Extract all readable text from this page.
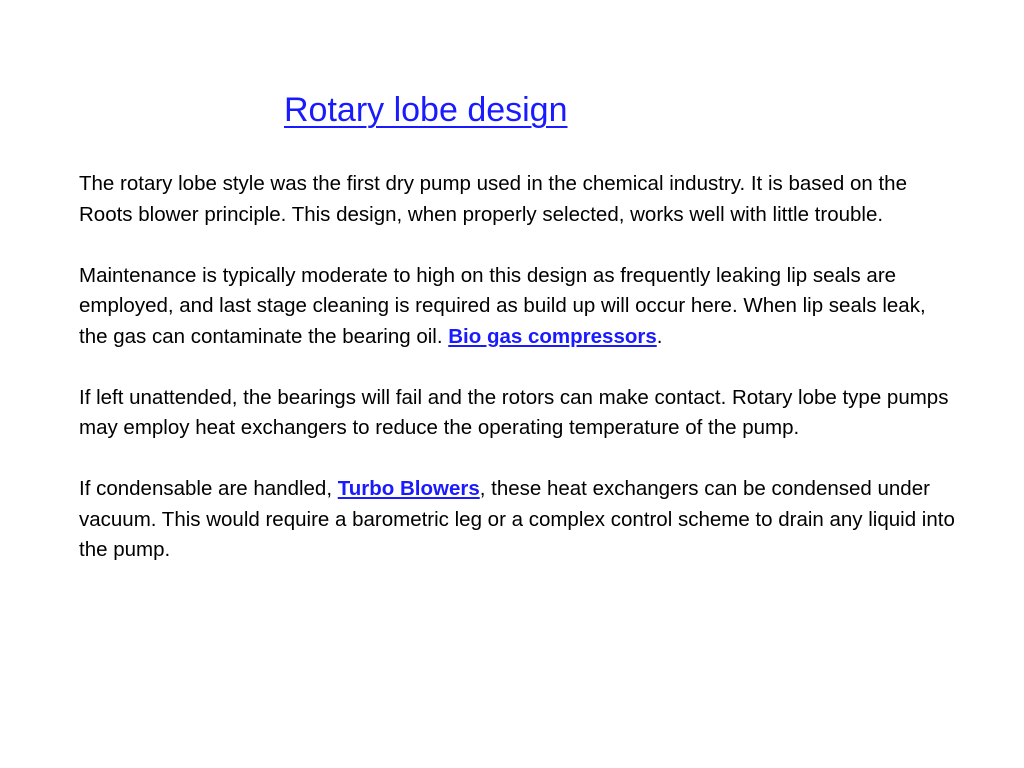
Rotary lobe design

The rotary lobe style was the first dry pump used in the chemical industry. It is based on the Roots blower principle. This design, when properly selected, works well with little trouble.

Maintenance is typically moderate to high on this design as frequently leaking lip seals are employed, and last stage cleaning is required as build up will occur here. When lip seals leak, the gas can contaminate the bearing oil. Bio gas compressors.

If left unattended, the bearings will fail and the rotors can make contact. Rotary lobe type pumps may employ heat exchangers to reduce the operating temperature of the pump.

If condensable are handled, Turbo Blowers, these heat exchangers can be condensed under vacuum. This would require a barometric leg or a complex control scheme to drain any liquid into the pump.
